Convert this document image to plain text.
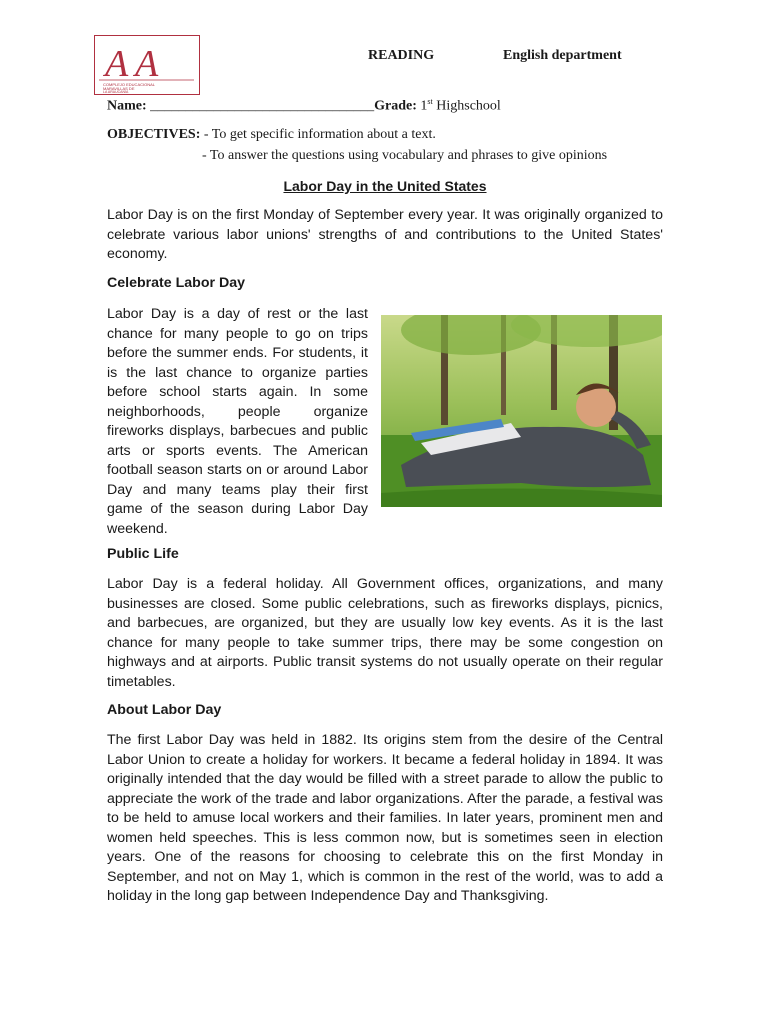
A A
COMPLEJO EDUCACIONAL
MARAVILLAS DE
LA ARAUCANÍA
READING	English department
Name: ________________________________Grade: 1st Highschool
OBJECTIVES: - To get specific information about a text.
- To answer the questions using vocabulary and phrases to give opinions
Labor Day in the United States

Labor Day is on the first Monday of September every year. It was originally organized to celebrate various labor unions' strengths of and contributions to the United States' economy.

Celebrate Labor Day

Labor Day is a day of rest or the last chance for many people to go on trips before the summer ends. For students, it is the last chance to organize parties before school starts again. In some neighborhoods, people organize fireworks displays, barbecues and public arts or sports events. The American football season starts on or around Labor Day and many teams play their first game of the season during Labor Day weekend.

Public Life

Labor Day is a federal holiday. All Government offices, organizations, and many businesses are closed. Some public celebrations, such as fireworks displays, picnics, and barbecues, are organized, but they are usually low key events. As it is the last chance for many people to take summer trips, there may be some congestion on highways and at airports. Public transit systems do not usually operate on their regular timetables.

About Labor Day

The first Labor Day was held in 1882. Its origins stem from the desire of the Central Labor Union to create a holiday for workers. It became a federal holiday in 1894. It was originally intended that the day would be filled with a street parade to allow the public to appreciate the work of the trade and labor organizations. After the parade, a festival was to be held to amuse local workers and their families. In later years, prominent men and women held speeches. This is less common now, but is sometimes seen in election years. One of the reasons for choosing to celebrate this on the first Monday in September, and not on May 1, which is common in the rest of the world, was to add a holiday in the long gap between Independence Day and Thanksgiving.
